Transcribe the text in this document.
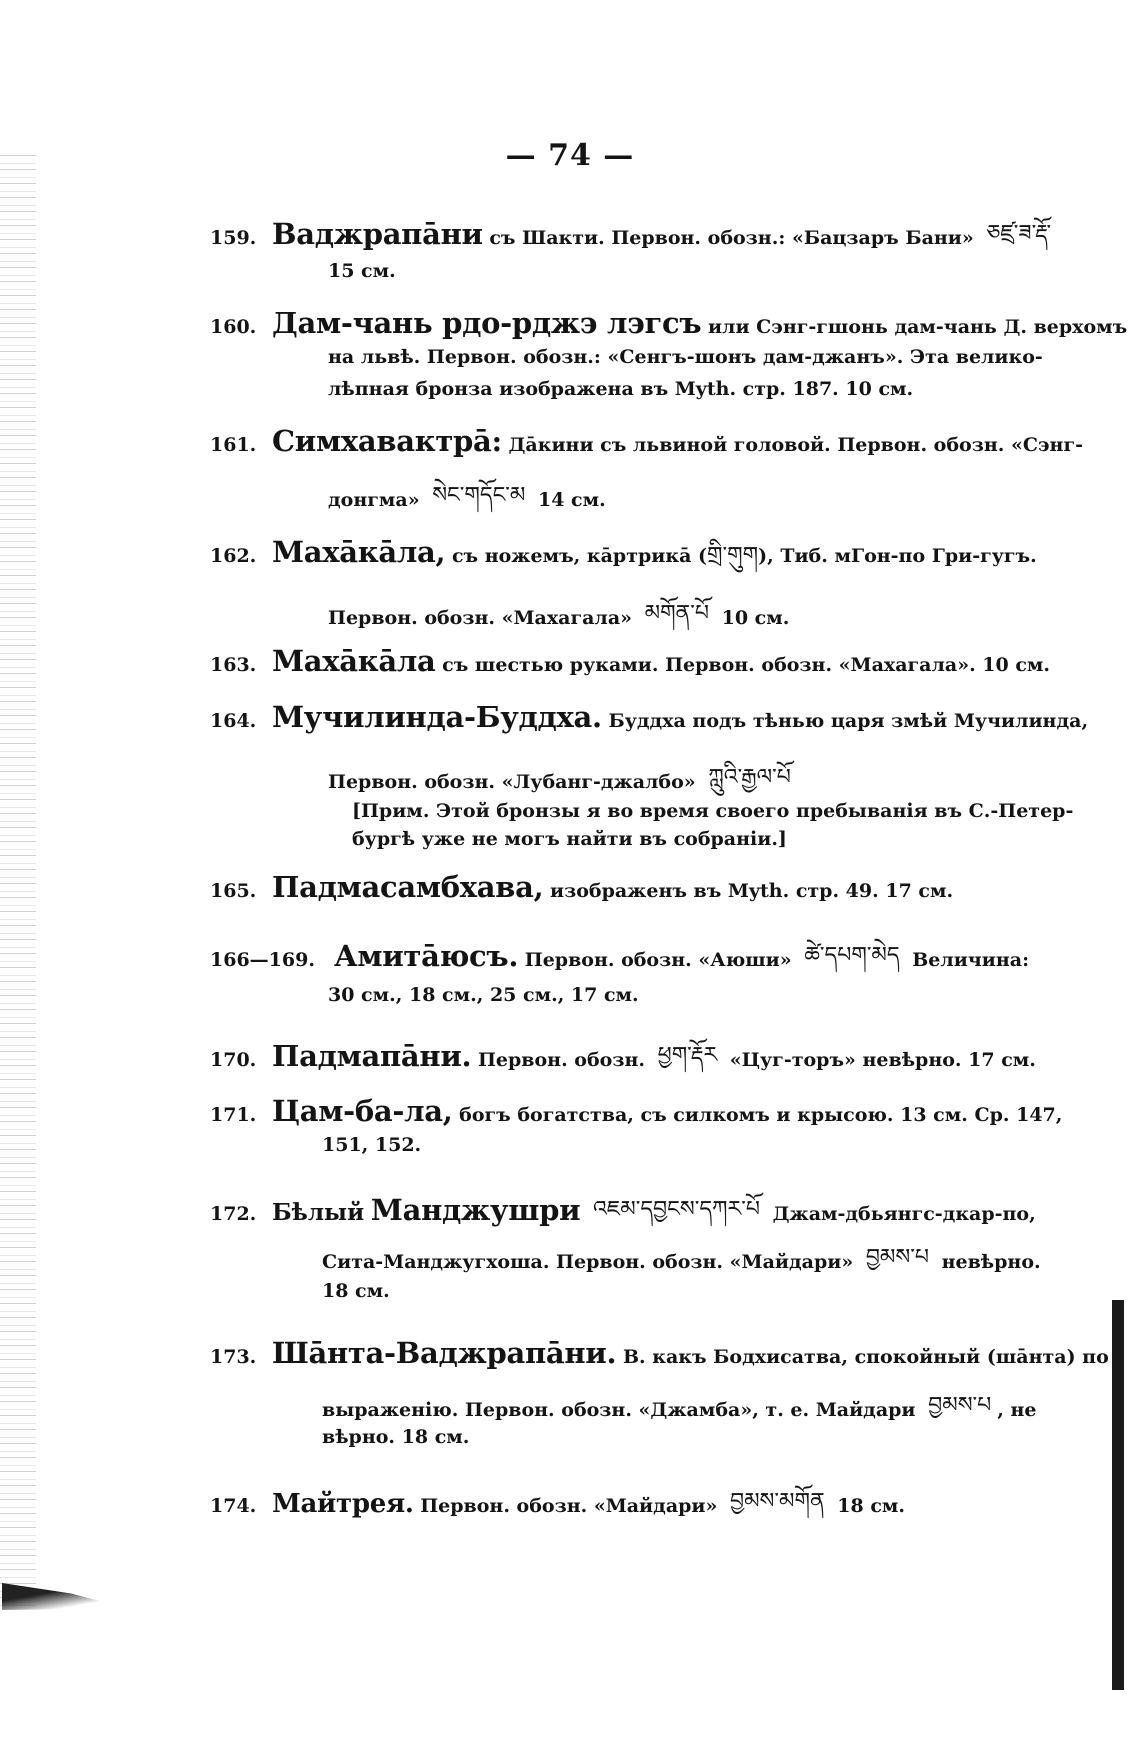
— 74 —
159. Ваджрапāни съ Шакти. Первон. обозн.: «Бацзаръ Бани» ཅཛྲ་ཟ་རྡོ་
15 см.
160. Дам-чань рдо-рджэ лэгсъ или Сэнг-гшонь дам-чань Д. верхомъ
на львѣ. Первон. обозн.: «Сенгъ-шонъ дам-джанъ». Эта велико-
лѣпная бронза изображена въ Myth. стр. 187. 10 см.
161. Симхавактрā: Дāкини съ львиной головой. Первон. обозн. «Сэнг-
донгма» སེང་གདོང་མ 14 см.
162. Махāкāла, съ ножемъ, кāртрикā (གྲི་གུག), Тиб. мГон-по Гри-гугъ.
Первон. обозн. «Махагала» མགོན་པོ 10 см.
163. Махāкāла съ шестью руками. Первон. обозн. «Махагала». 10 см.
164. Мучилинда-Буддха. Буддха подъ тѣнью царя змѣй Мучилинда,
Первон. обозн. «Лубанг-джалбо» ཀླུའི་རྒྱལ་པོ
[Прим. Этой бронзы я во время своего пребыванія въ С.-Петер-
бургѣ уже не могъ найти въ собраніи.]
165. Падмасамбхава, изображенъ въ Myth. стр. 49. 17 см.
166—169. Амитāюсъ. Первон. обозн. «Аюши» ཚེ་དཔག་མེད Величина:
30 см., 18 см., 25 см., 17 см.
170. Падмапāни. Первон. обозн. ཕྱག་རྡོར «Цуг-торъ» невѣрно. 17 см.
171. Цам-ба-ла, богъ богатства, съ силкомъ и крысою. 13 см. Ср. 147,
151, 152.
172. Бѣлый Манджушри འཇམ་དབྱངས་དཀར་པོ Джам-дбьянгс-дкар-по,
Сита-Манджугхоша. Первон. обозн. «Майдари» བྱམས་པ невѣрно.
18 см.
173. Шāнта-Ваджрапāни. В. какъ Бодхисатва, спокойный (шāнта) по
выраженію. Первон. обозн. «Джамба», т. е. Майдари བྱམས་པ , не
вѣрно. 18 см.
174. Майтрея. Первон. обозн. «Майдари» བྱམས་མགོན 18 см.
